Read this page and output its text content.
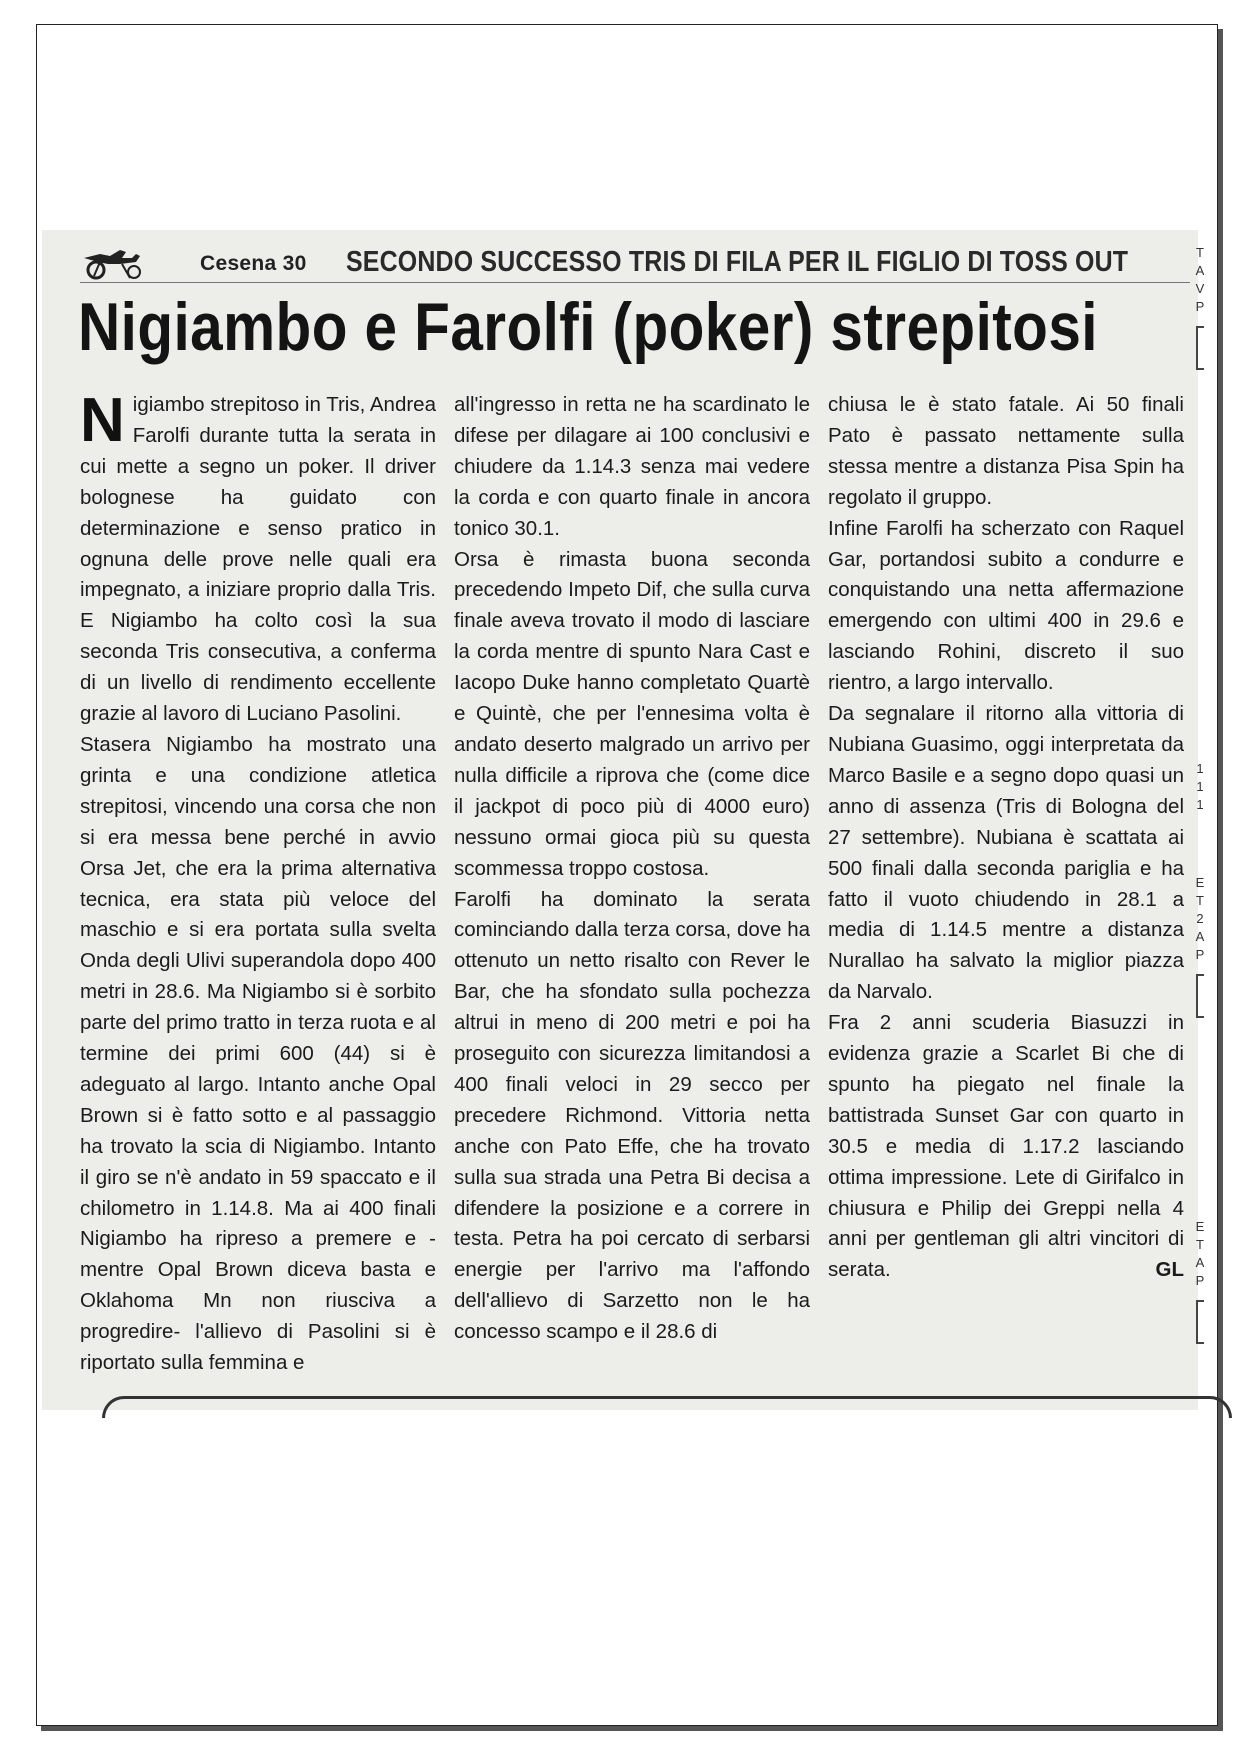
Cesena 30 SECONDO SUCCESSO TRIS DI FILA PER IL FIGLIO DI TOSS OUT
Nigiambo e Farolfi (poker) strepitosi

Nigiambo strepitoso in Tris, Andrea Farolfi durante tutta la serata in cui mette a segno un poker. Il driver bolognese ha guidato con determinazione e senso pratico in ognuna delle prove nelle quali era impegnato, a iniziare proprio dalla Tris. E Nigiambo ha colto così la sua seconda Tris consecutiva, a conferma di un livello di rendimento eccellente grazie al lavoro di Luciano Pasolini.

Stasera Nigiambo ha mostrato una grinta e una condizione atletica strepitosi, vincendo una corsa che non si era messa bene perché in avvio Orsa Jet, che era la prima alternativa tecnica, era stata più veloce del maschio e si era portata sulla svelta Onda degli Ulivi superandola dopo 400 metri in 28.6. Ma Nigiambo si è sorbito parte del primo tratto in terza ruota e al termine dei primi 600 (44) si è adeguato al largo. Intanto anche Opal Brown si è fatto sotto e al passaggio ha trovato la scia di Nigiambo. Intanto il giro se n'è andato in 59 spaccato e il chilometro in 1.14.8. Ma ai 400 finali Nigiambo ha ripreso a premere e - mentre Opal Brown diceva basta e Oklahoma Mn non riusciva a progredire- l'allievo di Pasolini si è riportato sulla femmina e

all'ingresso in retta ne ha scardinato le difese per dilagare ai 100 conclusivi e chiudere da 1.14.3 senza mai vedere la corda e con quarto finale in ancora tonico 30.1.

Orsa è rimasta buona seconda precedendo Impeto Dif, che sulla curva finale aveva trovato il modo di lasciare la corda mentre di spunto Nara Cast e Iacopo Duke hanno completato Quartè e Quintè, che per l'ennesima volta è andato deserto malgrado un arrivo per nulla difficile a riprova che (come dice il jackpot di poco più di 4000 euro) nessuno ormai gioca più su questa scommessa troppo costosa.

Farolfi ha dominato la serata cominciando dalla terza corsa, dove ha ottenuto un netto risalto con Rever le Bar, che ha sfondato sulla pochezza altrui in meno di 200 metri e poi ha proseguito con sicurezza limitandosi a 400 finali veloci in 29 secco per precedere Richmond. Vittoria netta anche con Pato Effe, che ha trovato sulla sua strada una Petra Bi decisa a difendere la posizione e a correre in testa. Petra ha poi cercato di serbarsi energie per l'arrivo ma l'affondo dell'allievo di Sarzetto non le ha concesso scampo e il 28.6 di

chiusa le è stato fatale. Ai 50 finali Pato è passato nettamente sulla stessa mentre a distanza Pisa Spin ha regolato il gruppo.

Infine Farolfi ha scherzato con Raquel Gar, portandosi subito a condurre e conquistando una netta affermazione emergendo con ultimi 400 in 29.6 e lasciando Rohini, discreto il suo rientro, a largo intervallo.

Da segnalare il ritorno alla vittoria di Nubiana Guasimo, oggi interpretata da Marco Basile e a segno dopo quasi un anno di assenza (Tris di Bologna del 27 settembre). Nubiana è scattata ai 500 finali dalla seconda pariglia e ha fatto il vuoto chiudendo in 28.1 a media di 1.14.5 mentre a distanza Nurallao ha salvato la miglior piazza da Narvalo.

Fra 2 anni scuderia Biasuzzi in evidenza grazie a Scarlet Bi che di spunto ha piegato nel finale la battistrada Sunset Gar con quarto in 30.5 e media di 1.17.2 lasciando ottima impressione. Lete di Girifalco in chiusura e Philip dei Greppi nella 4 anni per gentleman gli altri vincitori di serata.	GL

T
A
V
P
1
1
1
E
T
2
A
P
E
T
A
P
